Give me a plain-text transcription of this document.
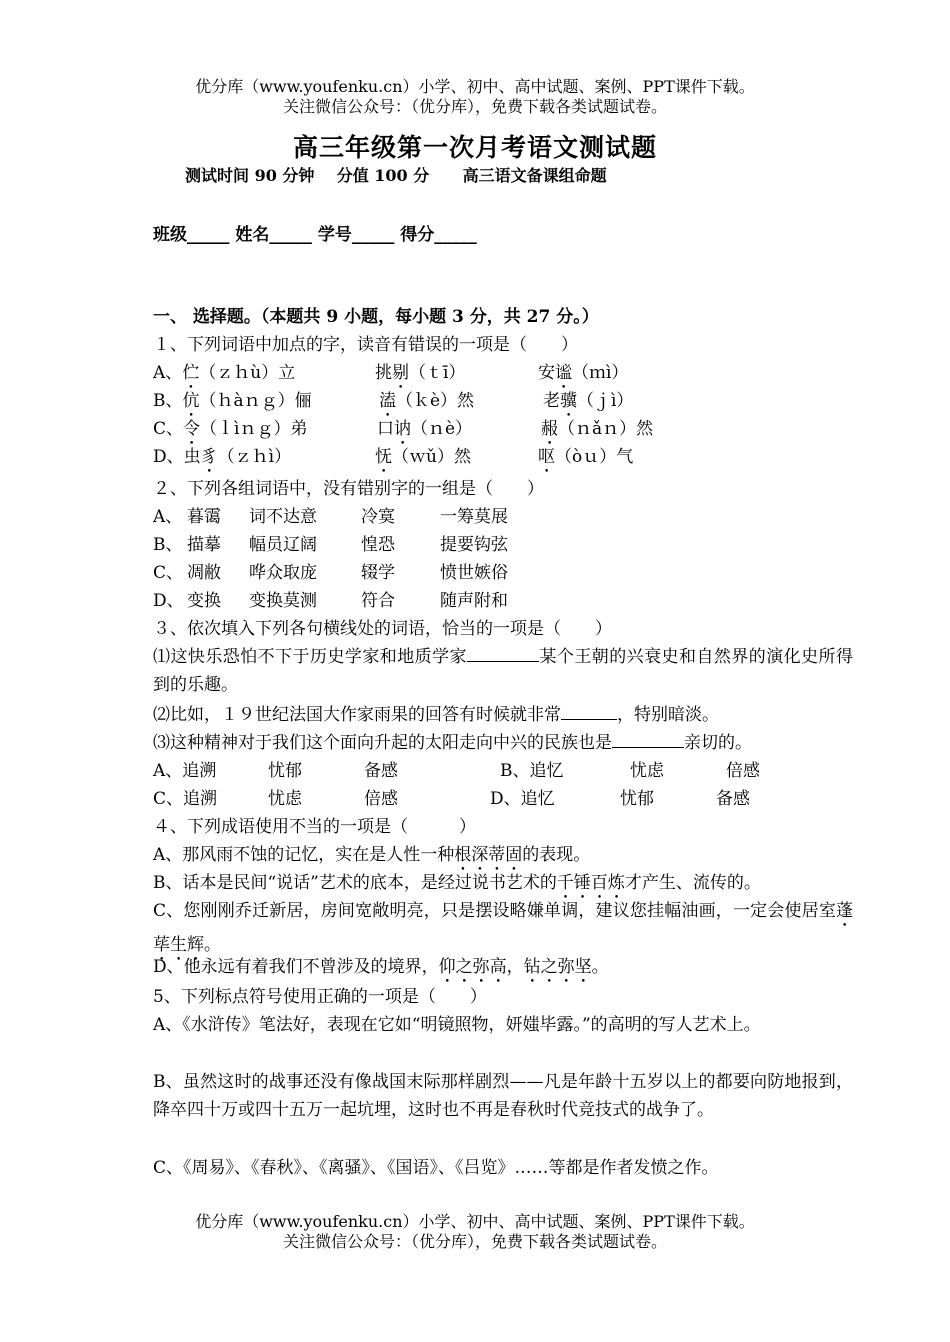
优分库（www.youfenku.cn）小学、初中、高中试题、案例、PPT课件下载。
关注微信公众号：（优分库），免费下载各类试题试卷。
高三年级第一次月考语文测试题
测试时间 90 分钟    分值 100 分      高三语文备课组命题
班级_____ 姓名_____ 学号_____ 得分_____
一、 选择题。（本题共 9 小题，每小题 3 分，共 27 分。）
１、下列词语中加点的字，读音有错误的一项是（　　）
A、伫（ｚｈù）立	挑剔（ｔī）	安谧（ｍì）
B、伉（ｈàｎｇ）俪	溘（ｋè）然	老骥（ｊì）
C、令（ｌìｎｇ）弟	口讷（ｎè）	赧（ｎǎｎ）然
D、虫豸（ｚｈì）	怃（ｗǔ）然	呕（òｕ）气
２、下列各组词语中，没有错别字的一组是（　　）
A、 暮霭 词不达意	冷寞	一筹莫展
B、 描摹 幅员辽阔	惶恐	提要钩弦
C、 凋敝 哗众取庞	辍学	愤世嫉俗
D、 变换 变换莫测	符合	随声附和
３、依次填入下列各句横线处的词语，恰当的一项是（　　）
⑴这快乐恐怕不下于历史学家和地质学家	某个王朝的兴衰史和自然界的演化史所得到的乐趣。
⑵比如，１９世纪法国大作家雨果的回答有时候就非常	，特别暗淡。
⑶这种精神对于我们这个面向升起的太阳走向中兴的民族也是	亲切的。
A、追溯	忧郁	备感	B、追忆	忧虑	倍感
C、追溯	忧虑	倍感	D、追忆	忧郁	备感
４、下列成语使用不当的一项是（　　　）
A、那风雨不蚀的记忆，实在是人性一种根深蒂固的表现。
B、话本是民间“说话”艺术的底本，是经过说书艺术的千锤百炼才产生、流传的。
C、您刚刚乔迁新居，房间宽敞明亮，只是摆设略嫌单调，建议您挂幅油画，一定会使居室蓬荜生辉。
D、他永远有着我们不曾涉及的境界，仰之弥高，钻之弥坚。
5、下列标点符号使用正确的一项是（　　）
A、《水浒传》笔法好，表现在它如“明镜照物，妍媸毕露。”的高明的写人艺术上。
B、虽然这时的战事还没有像战国末际那样剧烈——凡是年龄十五岁以上的都要向防地报到，降卒四十万或四十五万一起坑埋，这时也不再是春秋时代竞技式的战争了。
C、《周易》、《春秋》、《离骚》、《国语》、《吕览》……等都是作者发愤之作。
优分库（www.youfenku.cn）小学、初中、高中试题、案例、PPT课件下载。
关注微信公众号：（优分库），免费下载各类试题试卷。
